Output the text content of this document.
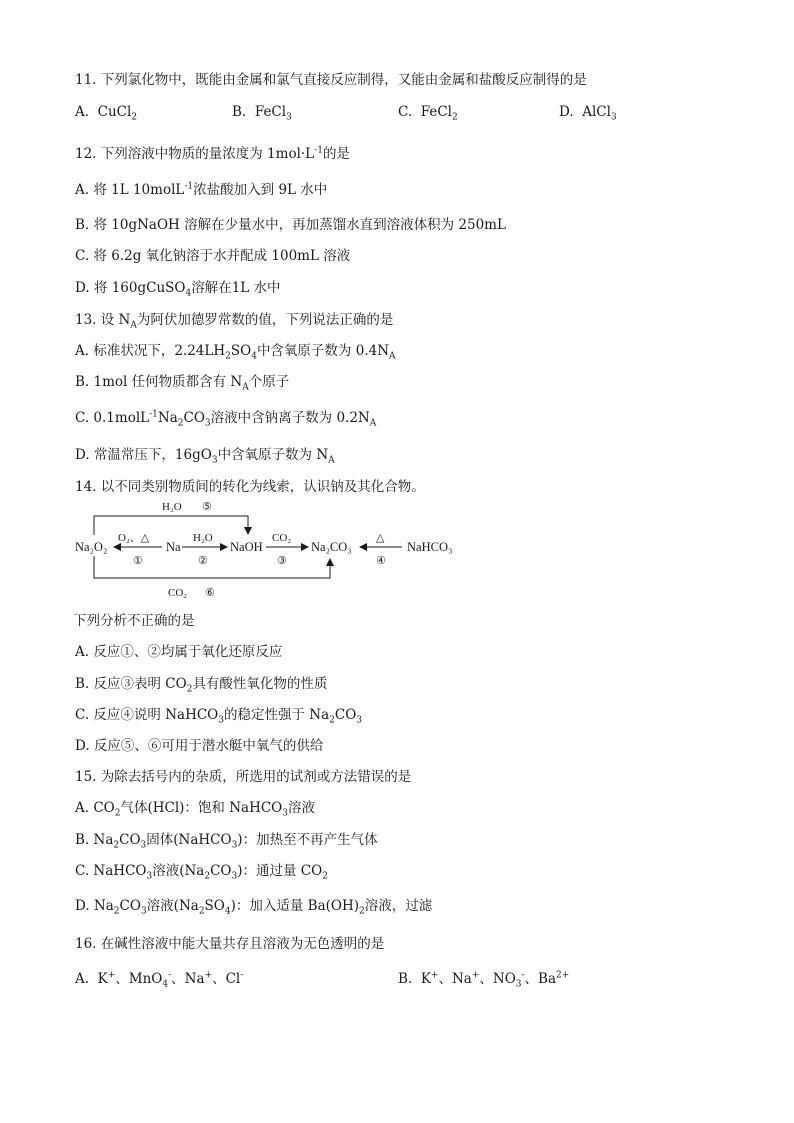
11. 下列氯化物中，既能由金属和氯气直接反应制得，又能由金属和盐酸反应制得的是
A. CuCl$_2$	B. FeCl$_3$	C. FeCl$_2$	D. AlCl$_3$
12. 下列溶液中物质的量浓度为 $1mol\cdot L^{-1}$的是
A. 将 1L 10molL$^{-1}$浓盐酸加入到 9L 水中
B. 将 10gNaOH 溶解在少量水中，再加蒸馏水直到溶液体积为 250mL
C. 将 6.2g 氧化钠溶于水并配成 100mL 溶液
D. 将 160gCuSO$_4$溶解在1L 水中
13. 设 $N_A$为阿伏加德罗常数的值，下列说法正确的是
A. 标准状况下，$2.24LH_2SO_4$中含氧原子数为 $0.4N_A$
B. 1mol 任何物质都含有 $N_A$个原子
C. $0.1molL^{-1}Na_2CO_3$溶液中含钠离子数为 $0.2N_A$
D. 常温常压下，$16gO_3$中含氧原子数为 $N_A$
14. 以不同类别物质间的转化为线索，认识钠及其化合物。
Na₂O₂	Na	NaOH	Na₂CO₃	NaHCO₃
O₂、△
①
H₂O
②
CO₂
③
△
④
H₂O ⑤
CO₂ ⑥
下列分析不正确的是
A. 反应①、②均属于氧化还原反应
B. 反应③表明 $CO_2$具有酸性氧化物的性质
C. 反应④说明 NaHCO$_3$的稳定性强于 $Na_2CO_3$
D. 反应⑤、⑥可用于潜水艇中氧气的供给
15. 为除去括号内的杂质，所选用的试剂或方法错误的是
A. $CO_2$气体(HCl)：饱和 NaHCO$_3$溶液
B. $Na_2CO_3$固体(NaHCO$_3$)：加热至不再产生气体
C. NaHCO$_3$溶液$(Na_2CO_3)$：通过量 $CO_2$
D. $Na_2CO_3$溶液$(Na_2SO_4)$：加入适量 $Ba(OH)_2$溶液，过滤
16. 在碱性溶液中能大量共存且溶液为无色透明的是
A. K+、MnO$_4$-、Na+、Cl-	B. K+、Na+、$NO_3^-$、$Ba^{2+}$
